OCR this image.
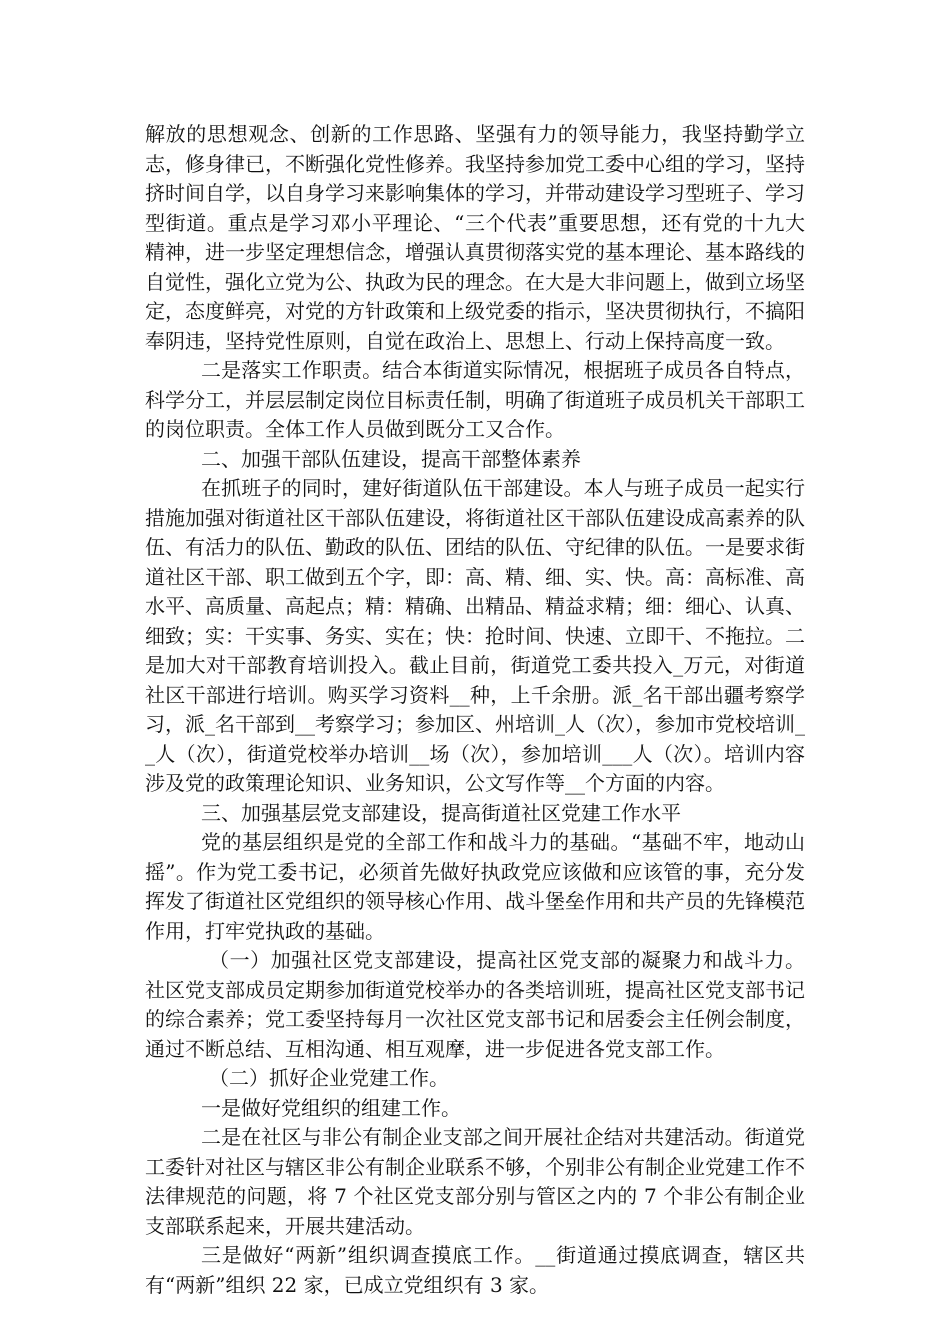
解放的思想观念、创新的工作思路、坚强有力的领导能力，我坚持勤学立志，修身律已，不断强化党性修养。我坚持参加党工委中心组的学习，坚持挤时间自学，以自身学习来影响集体的学习，并带动建设学习型班子、学习型街道。重点是学习邓小平理论、“三个代表”重要思想，还有党的十九大精神，进一步坚定理想信念，增强认真贯彻落实党的基本理论、基本路线的自觉性，强化立党为公、执政为民的理念。在大是大非问题上，做到立场坚定，态度鲜亮，对党的方针政策和上级党委的指示，坚决贯彻执行，不搞阳奉阴违，坚持党性原则，自觉在政治上、思想上、行动上保持高度一致。

二是落实工作职责。结合本街道实际情况，根据班子成员各自特点，科学分工，并层层制定岗位目标责任制，明确了街道班子成员机关干部职工的岗位职责。全体工作人员做到既分工又合作。

二、加强干部队伍建设，提高干部整体素养

在抓班子的同时，建好街道队伍干部建设。本人与班子成员一起实行措施加强对街道社区干部队伍建设，将街道社区干部队伍建设成高素养的队伍、有活力的队伍、勤政的队伍、团结的队伍、守纪律的队伍。一是要求街道社区干部、职工做到五个字，即：高、精、细、实、快。高：高标准、高水平、高质量、高起点；精：精确、出精品、精益求精；细：细心、认真、细致；实：干实事、务实、实在；快：抢时间、快速、立即干、不拖拉。二是加大对干部教育培训投入。截止目前，街道党工委共投入_万元，对街道社区干部进行培训。购买学习资料__种，上千余册。派_名干部出疆考察学习，派_名干部到__考察学习；参加区、州培训_人（次），参加市党校培训__人（次），街道党校举办培训__场（次），参加培训___人（次）。培训内容涉及党的政策理论知识、业务知识，公文写作等__个方面的内容。

三、加强基层党支部建设，提高街道社区党建工作水平

党的基层组织是党的全部工作和战斗力的基础。“基础不牢，地动山摇”。作为党工委书记，必须首先做好执政党应该做和应该管的事，充分发挥发了街道社区党组织的领导核心作用、战斗堡垒作用和共产员的先锋模范作用，打牢党执政的基础。

（一）加强社区党支部建设，提高社区党支部的凝聚力和战斗力。社区党支部成员定期参加街道党校举办的各类培训班，提高社区党支部书记的综合素养；党工委坚持每月一次社区党支部书记和居委会主任例会制度，通过不断总结、互相沟通、相互观摩，进一步促进各党支部工作。

（二）抓好企业党建工作。

一是做好党组织的组建工作。

二是在社区与非公有制企业支部之间开展社企结对共建活动。街道党工委针对社区与辖区非公有制企业联系不够，个别非公有制企业党建工作不法律规范的问题，将 7 个社区党支部分别与管区之内的 7 个非公有制企业支部联系起来，开展共建活动。

三是做好“两新”组织调查摸底工作。__街道通过摸底调查，辖区共有“两新”组织 22 家，已成立党组织有 3 家。
